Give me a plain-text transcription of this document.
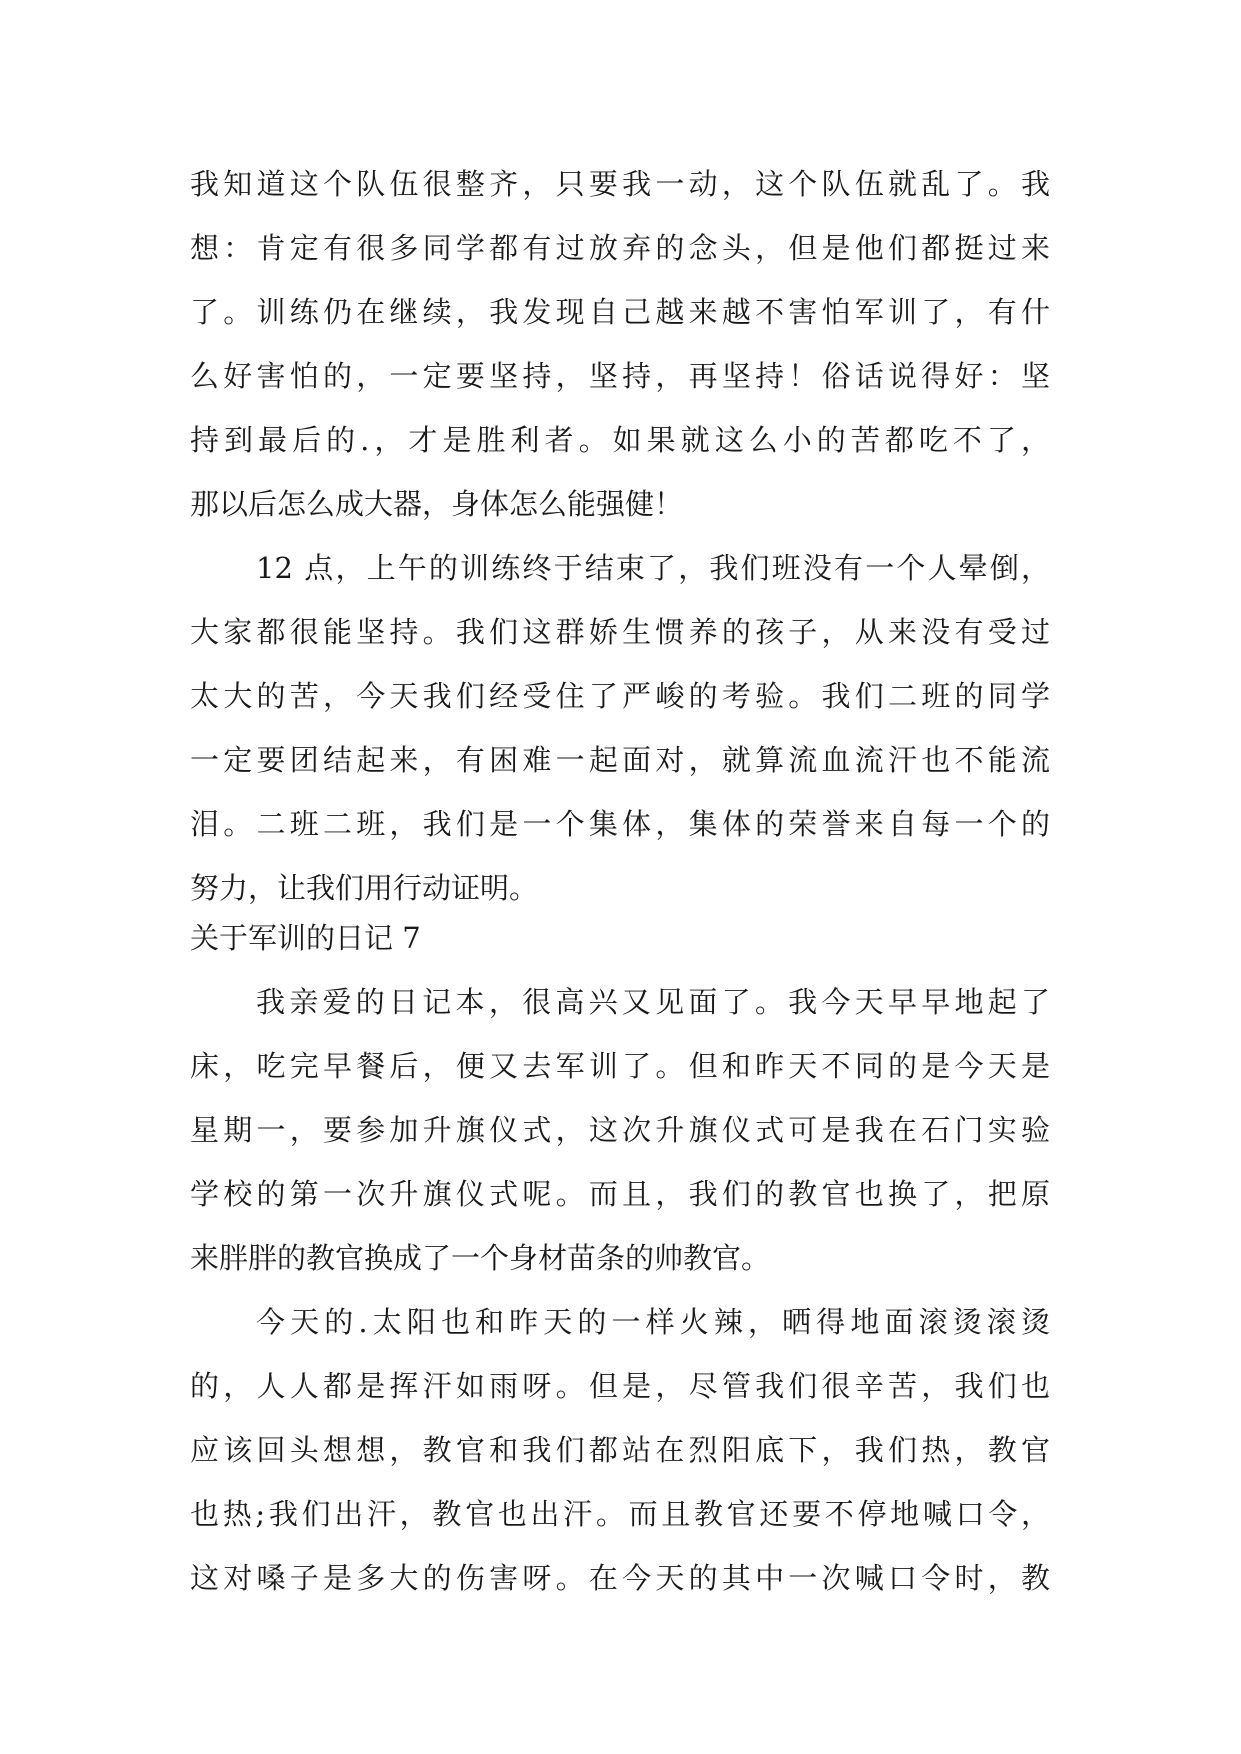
我知道这个队伍很整齐，只要我一动，这个队伍就乱了。我
想：肯定有很多同学都有过放弃的念头，但是他们都挺过来
了。训练仍在继续，我发现自己越来越不害怕军训了，有什
么好害怕的，一定要坚持，坚持，再坚持！俗话说得好：坚
持到最后的.，才是胜利者。如果就这么小的苦都吃不了，
那以后怎么成大器，身体怎么能强健！
12 点，上午的训练终于结束了，我们班没有一个人晕倒，
大家都很能坚持。我们这群娇生惯养的孩子，从来没有受过
太大的苦，今天我们经受住了严峻的考验。我们二班的同学
一定要团结起来，有困难一起面对，就算流血流汗也不能流
泪。二班二班，我们是一个集体，集体的荣誉来自每一个的
努力，让我们用行动证明。
关于军训的日记 7
我亲爱的日记本，很高兴又见面了。我今天早早地起了
床，吃完早餐后，便又去军训了。但和昨天不同的是今天是
星期一，要参加升旗仪式，这次升旗仪式可是我在石门实验
学校的第一次升旗仪式呢。而且，我们的教官也换了，把原
来胖胖的教官换成了一个身材苗条的帅教官。
今天的.太阳也和昨天的一样火辣，晒得地面滚烫滚烫
的，人人都是挥汗如雨呀。但是，尽管我们很辛苦，我们也
应该回头想想，教官和我们都站在烈阳底下，我们热，教官
也热;我们出汗，教官也出汗。而且教官还要不停地喊口令，
这对嗓子是多大的伤害呀。在今天的其中一次喊口令时，教
